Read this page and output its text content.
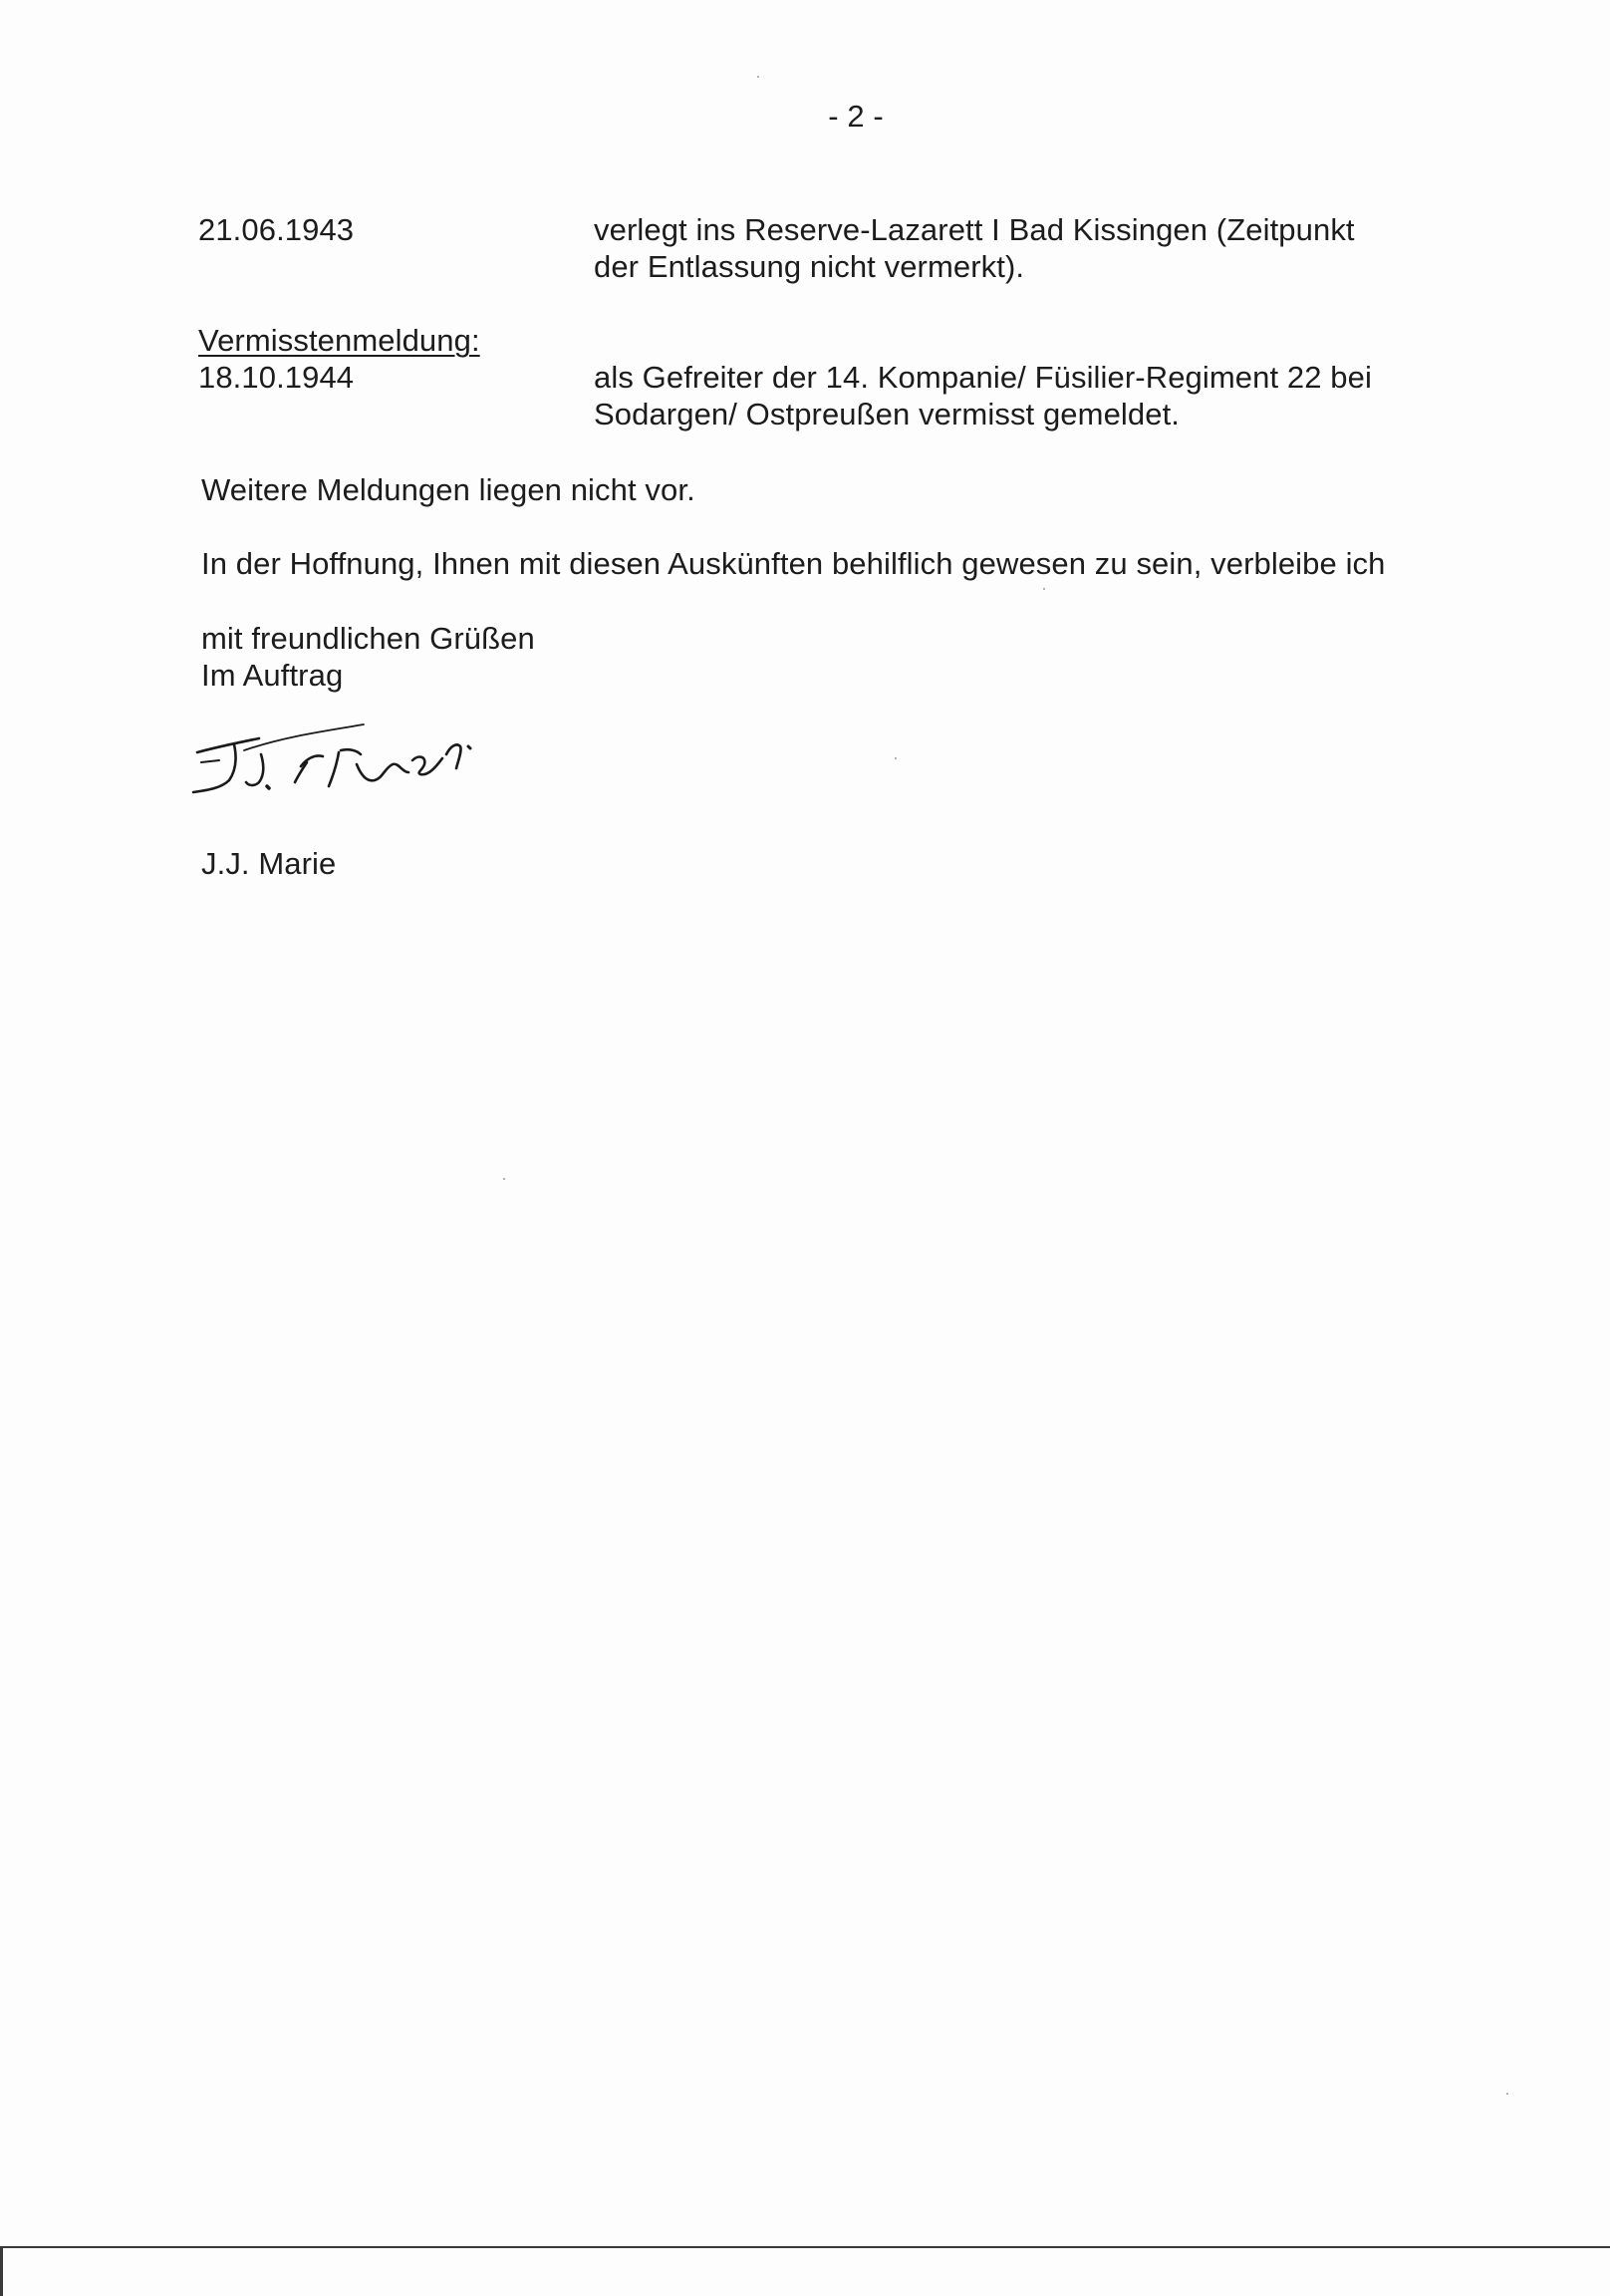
- 2 -
21.06.1943	verlegt ins Reserve-Lazarett I Bad Kissingen (Zeitpunkt
der Entlassung nicht vermerkt).
Vermisstenmeldung:
18.10.1944	als Gefreiter der 14. Kompanie/ Füsilier-Regiment 22 bei
Sodargen/ Ostpreußen vermisst gemeldet.
Weitere Meldungen liegen nicht vor.
In der Hoffnung, Ihnen mit diesen Auskünften behilflich gewesen zu sein, verbleibe ich
mit freundlichen Grüßen
Im Auftrag
J.J. Marie
